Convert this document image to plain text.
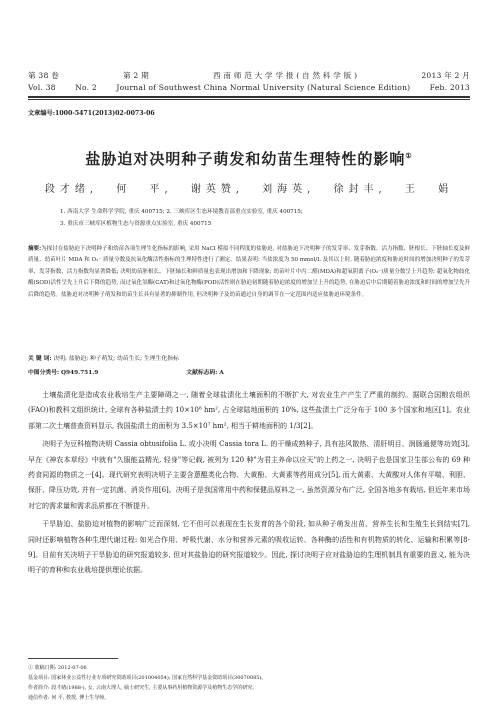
第 38 卷	第 2 期	西 南 师 范 大 学 学 报 ( 自 然 科 学 版 )	2013 年 2 月
Vol. 38	No. 2	Journal of Southwest China Normal University (Natural Science Edition)	Feb. 2013
文章编号:1000-5471(2013)02-0073-06
盐胁迫对决明种子萌发和幼苗生理特性的影响①
段才绪, 何 平, 谢英赞, 刘海英, 徐封丰, 王 娟
1. 西南大学 生命科学学院, 重庆 400715; 2. 三峡库区生态环境教育部重点实验室, 重庆 400715;
3. 重庆市三峡库区植物生态与资源重点实验室, 重庆 400715
摘要:为探讨在盐胁迫下决明种子和幼苗各项生理生化指标的影响, 采用 NaCl 模拟不同程度的盐胁迫, 对盐胁迫下决明种子的发芽率、发芽指数、活力指数、胚根长、下胚轴长度及鲜质量、幼苗叶片 MDA 和 O₂⁻ 质量分数及抗氧化酶活性指标的生理特性进行了测定。结果表明: 当盐浓度为 50 mmol/L 及其以上时, 随着胁迫浓度和胁迫时间的增加决明种子的发芽率、发芽指数、活力指数均显著降低; 决明幼苗胚根长、下胚轴长和鲜质量也表现出增加和下降现象; 幼苗叶片中丙二醛(MDA)和超氧阴离子(O₂⁻)质量分数呈上升趋势; 超氧化物歧化酶(SOD)活性呈先上升后下降的趋势, 而过氧化氢酶(CAT)和过氧化物酶(POD)活性则在胁迫初期随着胁迫浓度的增加呈上升的趋势, 在胁迫后中后期随着胁迫浓度和时间的增加呈先升后降的趋势。盐胁迫对决明种子萌发和幼苗生长具有显著的抑制作用, 但决明种子及幼苗通过自身的调节在一定范围内适应盐胁迫环境条件。
关 键 词: 决明; 盐胁迫; 种子萌发; 幼苗生长; 生理生化指标
中图分类号: Q949.751.9	文献标志码: A

土壤盐渍化是造成农业栽培生产主要障碍之一, 随着全球盐渍化土壤面积的不断扩大, 对农业生产产生了严重的制约。据联合国粮农组织(FAO)和教科文组织统计, 全球有各种盐渍土约 10×10⁸ hm², 占全球陆地面积的 10%, 这些盐渍土广泛分布于 100 多个国家和地区[1]。农业部第二次土壤普查资料显示, 我国盐渍土的面积为 3.5×10⁷ hm², 相当于耕地面积的 1/3[2]。

决明子为豆科植物决明 Cassia obtusifolia L. 或小决明 Cassia tora L. 的干燥成熟种子, 具有祛风散热、清肝明目、润肠通便等功效[3], 早在《神农本草经》中就有"久服能益精光, 轻身"等记载, 被列为 120 种"为君主养命以应天"的上药之一, 决明子也是国家卫生部公布的 69 种药食同源的物质之一[4]。现代研究表明决明子主要含蒽醌类化合物、大黄酚、大黄素等药用成分[5], 而大黄素、大黄酸对人体有平喘、利胆、保肝、降压功效, 并有一定抗菌、消炎作用[6]。决明子是我国常用中药和保健品原料之一, 虽然资源分布广泛, 全国各地多有栽培, 但近年来市场对它的需求量和需求品质都在不断提升。

干旱胁迫、盐胁迫对植物的影响广泛而深刻, 它不但可以表现在生长发育的各个阶段, 如从种子萌发出苗、营养生长和生殖生长到结实[7], 同时还影响植物各种生理代谢过程: 如光合作用、呼吸代谢、水分和营养元素的吸收运转、各种酶的活性和有机物质的转化、运输和积累等[8-9]。目前有关决明子干旱胁迫的研究报道较多, 但对其盐胁迫的研究报道较少。因此, 探讨决明子应对盐胁迫的生理机制具有重要的意义, 能为决明子的育种和农业栽培提供理论依据。

① 收稿日期: 2012-07-06
基金项目: 国家林业公益性行业专项研究资助项目(201004054); 国家自然科学基金资助项目(30070085)。
作者简介: 段才绪(1988-), 女, 云南大理人, 硕士研究生, 主要从事药用植物资源学及植物生态学的研究。
通信作者: 何 平, 教授, 博士生导师。
